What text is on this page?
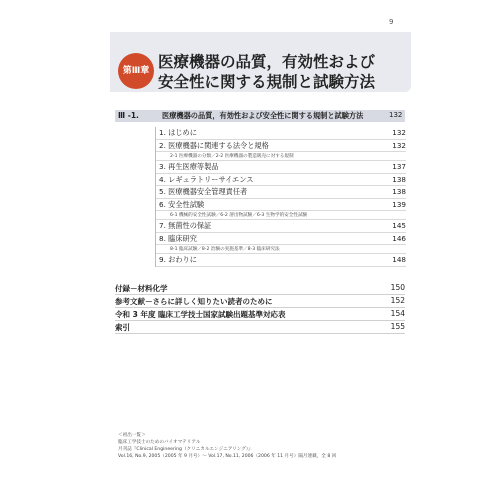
9
第Ⅲ章 医療機器の品質，有効性および
安全性に関する規制と試験方法
Ⅲ -1.	医療機器の品質，有効性および安全性に関する規制と試験方法	132
1. はじめに	132
2. 医療機器に関連する法令と規格	132
2-1 医療機器の分類／2-2 医療機器の製造販売に対する規制
3. 再生医療等製品	137
4. レギュラトリーサイエンス	138
5. 医療機器安全管理責任者	138
6. 安全性試験	139
6-1 機械的安全性試験／6-2 溶出物試験／6-3 生物学的安全性試験
7. 無菌性の保証	145
8. 臨床研究	146
8-1 臨床試験／8-2 治験の実施基準／8-3 臨床研究法
9. おわりに	148
付録－材料化学	150
参考文献－さらに詳しく知りたい読者のために	152
令和 3 年度 臨床工学技士国家試験出題基準対応表	154
索引	155
＜初出一覧＞
臨床工学技士のためのバイオマテリアル
月刊誌『Clinical Engineering（クリニカルエンジニアリング）』
Vol.16, No.9, 2005（2005 年 9 月号）～ Vol.17, No.11, 2006（2006 年 11 月号）隔月連載，全 8 回
